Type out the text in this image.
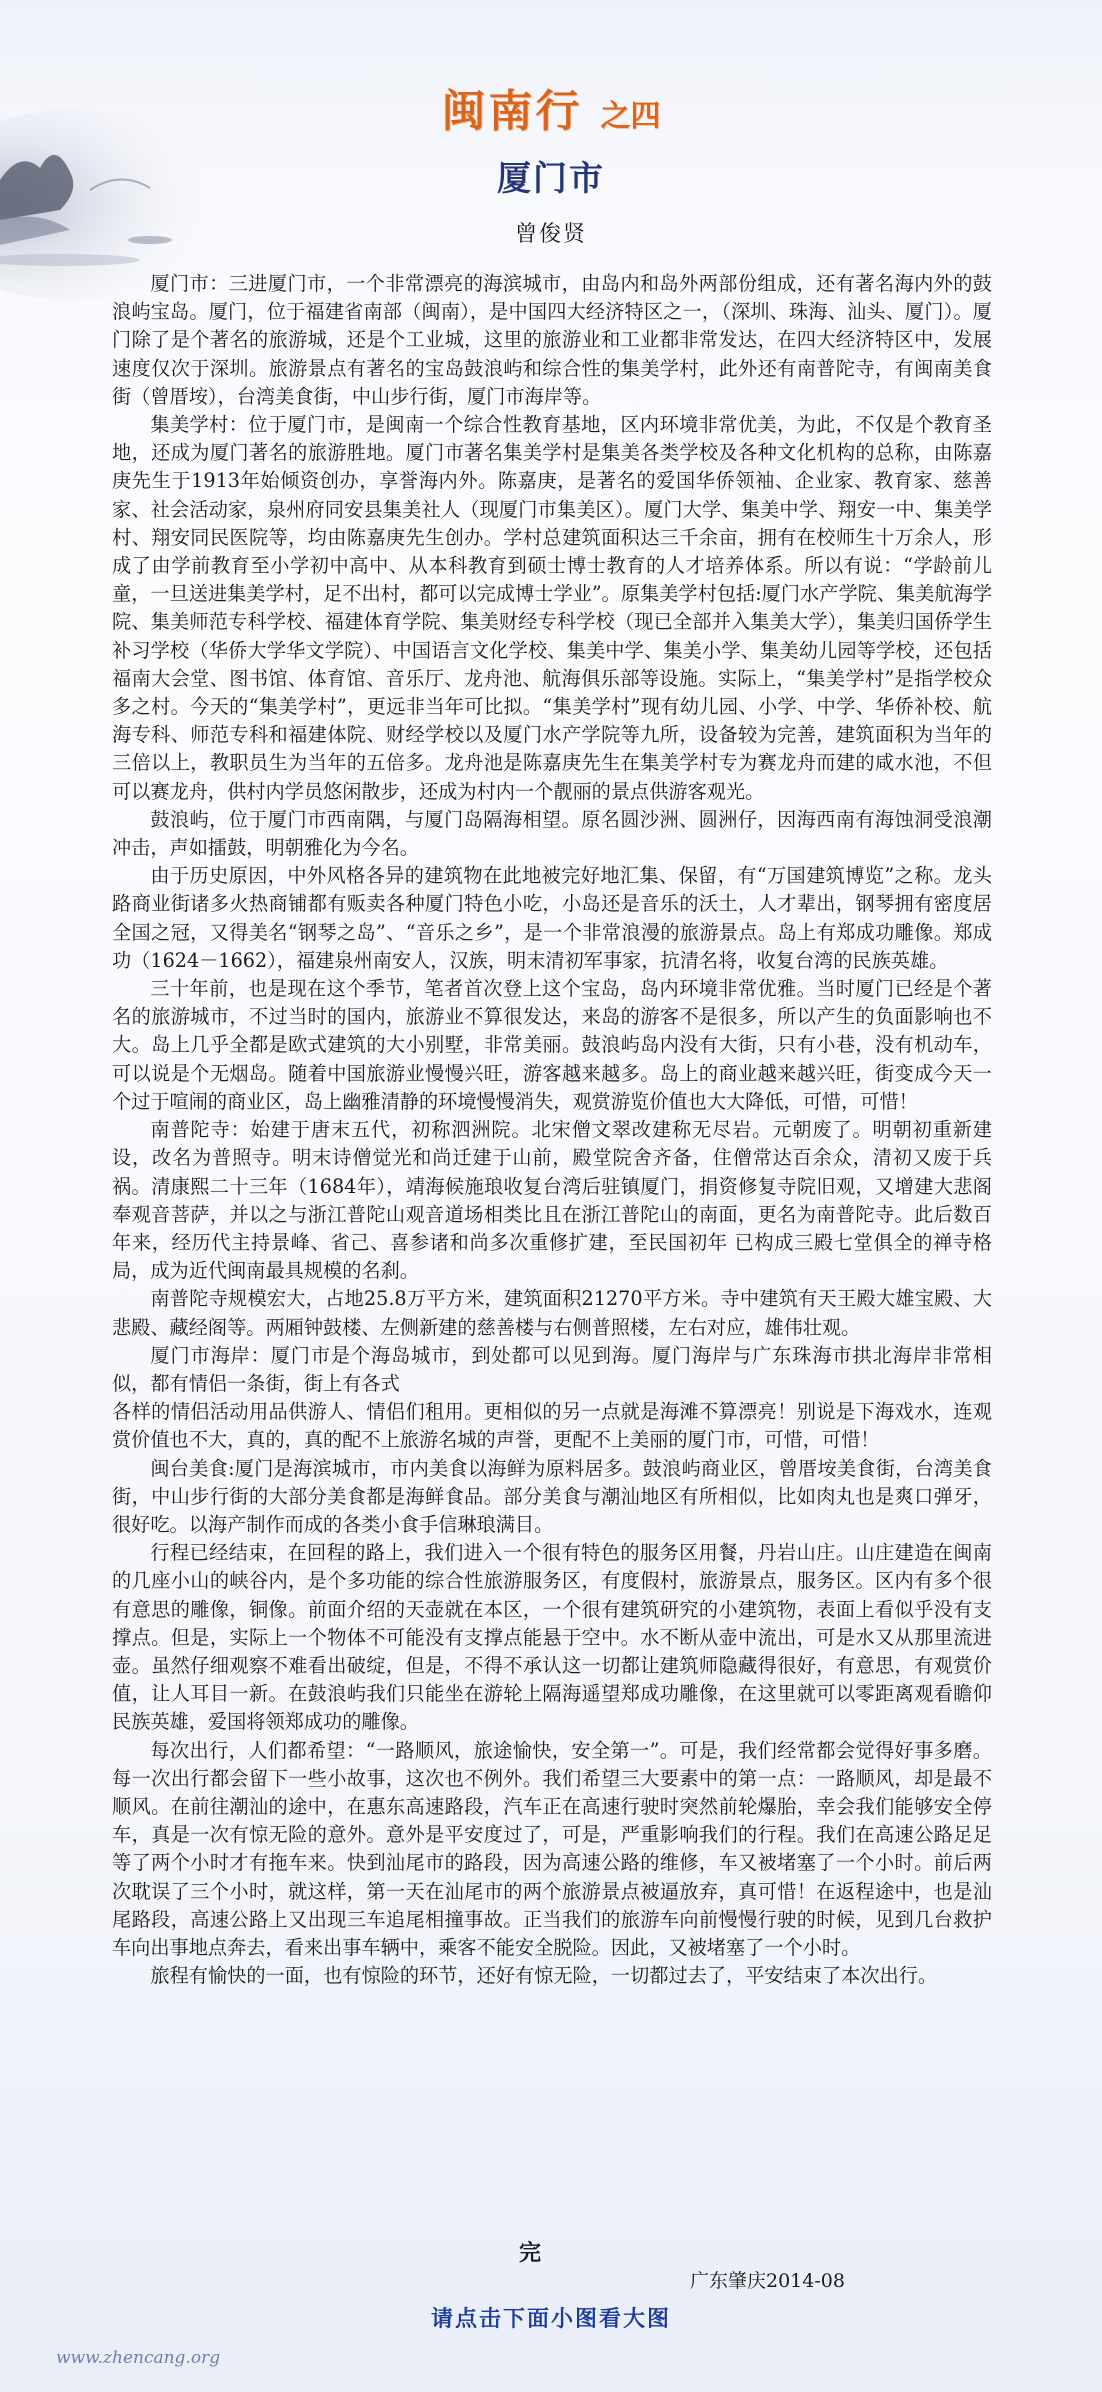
闽南行 之四
厦门市
曾俊贤

厦门市：三进厦门市，一个非常漂亮的海滨城市，由岛内和岛外两部份组成，还有著名海内外的鼓浪屿宝岛。厦门，位于福建省南部（闽南），是中国四大经济特区之一，（深圳、珠海、汕头、厦门）。厦门除了是个著名的旅游城，还是个工业城，这里的旅游业和工业都非常发达，在四大经济特区中，发展速度仅次于深圳。旅游景点有著名的宝岛鼓浪屿和综合性的集美学村，此外还有南普陀寺，有闽南美食街（曾厝垵），台湾美食街，中山步行街，厦门市海岸等。

集美学村：位于厦门市，是闽南一个综合性教育基地，区内环境非常优美，为此，不仅是个教育圣地，还成为厦门著名的旅游胜地。厦门市著名集美学村是集美各类学校及各种文化机构的总称，由陈嘉庚先生于1913年始倾资创办，享誉海内外。陈嘉庚，是著名的爱国华侨领袖、企业家、教育家、慈善家、社会活动家，泉州府同安县集美社人（现厦门市集美区）。厦门大学、集美中学、翔安一中、集美学村、翔安同民医院等，均由陈嘉庚先生创办。学村总建筑面积达三千余亩，拥有在校师生十万余人，形成了由学前教育至小学初中高中、从本科教育到硕士博士教育的人才培养体系。所以有说：“学龄前儿童，一旦送进集美学村，足不出村，都可以完成博士学业”。原集美学村包括:厦门水产学院、集美航海学院、集美师范专科学校、福建体育学院、集美财经专科学校（现已全部并入集美大学），集美归国侨学生补习学校（华侨大学华文学院）、中国语言文化学校、集美中学、集美小学、集美幼儿园等学校，还包括福南大会堂、图书馆、体育馆、音乐厅、龙舟池、航海俱乐部等设施。实际上，“集美学村”是指学校众多之村。今天的“集美学村”，更远非当年可比拟。“集美学村”现有幼儿园、小学、中学、华侨补校、航海专科、师范专科和福建体院、财经学校以及厦门水产学院等九所，设备较为完善，建筑面积为当年的三倍以上，教职员生为当年的五倍多。龙舟池是陈嘉庚先生在集美学村专为赛龙舟而建的咸水池，不但可以赛龙舟，供村内学员悠闲散步，还成为村内一个靓丽的景点供游客观光。

鼓浪屿，位于厦门市西南隅，与厦门岛隔海相望。原名圆沙洲、圆洲仔，因海西南有海蚀洞受浪潮冲击，声如擂鼓，明朝雅化为今名。

由于历史原因，中外风格各异的建筑物在此地被完好地汇集、保留，有“万国建筑博览”之称。龙头路商业街诸多火热商铺都有贩卖各种厦门特色小吃，小岛还是音乐的沃土，人才辈出，钢琴拥有密度居全国之冠，又得美名“钢琴之岛”、“音乐之乡”，是一个非常浪漫的旅游景点。岛上有郑成功雕像。郑成功（1624－1662），福建泉州南安人，汉族，明末清初军事家，抗清名将，收复台湾的民族英雄。

三十年前，也是现在这个季节，笔者首次登上这个宝岛，岛内环境非常优雅。当时厦门已经是个著名的旅游城市，不过当时的国内，旅游业不算很发达，来岛的游客不是很多，所以产生的负面影响也不大。岛上几乎全都是欧式建筑的大小别墅，非常美丽。鼓浪屿岛内没有大街，只有小巷，没有机动车，可以说是个无烟岛。随着中国旅游业慢慢兴旺，游客越来越多。岛上的商业越来越兴旺，街变成今天一个过于喧闹的商业区，岛上幽雅清静的环境慢慢消失，观赏游览价值也大大降低，可惜，可惜！

南普陀寺：始建于唐末五代，初称泗洲院。北宋僧文翠改建称无尽岩。元朝废了。明朝初重新建设，改名为普照寺。明末诗僧觉光和尚迁建于山前，殿堂院舍齐备，住僧常达百余众，清初又废于兵祸。清康熙二十三年（1684年），靖海候施琅收复台湾后驻镇厦门，捐资修复寺院旧观，又增建大悲阁奉观音菩萨，并以之与浙江普陀山观音道场相类比且在浙江普陀山的南面，更名为南普陀寺。此后数百年来，经历代主持景峰、省己、喜参诸和尚多次重修扩建，至民国初年 已构成三殿七堂俱全的禅寺格局，成为近代闽南最具规模的名刹。

南普陀寺规模宏大，占地25.8万平方米，建筑面积21270平方米。寺中建筑有天王殿大雄宝殿、大悲殿、藏经阁等。两厢钟鼓楼、左侧新建的慈善楼与右侧普照楼，左右对应，雄伟壮观。

厦门市海岸：厦门市是个海岛城市，到处都可以见到海。厦门海岸与广东珠海市拱北海岸非常相似，都有情侣一条街，街上有各式

各样的情侣活动用品供游人、情侣们租用。更相似的另一点就是海滩不算漂亮！别说是下海戏水，连观赏价值也不大，真的，真的配不上旅游名城的声誉，更配不上美丽的厦门市，可惜，可惜！

闽台美食:厦门是海滨城市，市内美食以海鲜为原料居多。鼓浪屿商业区，曾厝垵美食街，台湾美食街，中山步行街的大部分美食都是海鲜食品。部分美食与潮汕地区有所相似，比如肉丸也是爽口弹牙，很好吃。以海产制作而成的各类小食手信琳琅满目。

行程已经结束，在回程的路上，我们进入一个很有特色的服务区用餐，丹岩山庄。山庄建造在闽南的几座小山的峡谷内，是个多功能的综合性旅游服务区，有度假村，旅游景点，服务区。区内有多个很有意思的雕像，铜像。前面介绍的天壶就在本区，一个很有建筑研究的小建筑物，表面上看似乎没有支撑点。但是，实际上一个物体不可能没有支撑点能悬于空中。水不断从壶中流出，可是水又从那里流进壶。虽然仔细观察不难看出破绽，但是，不得不承认这一切都让建筑师隐藏得很好，有意思，有观赏价值，让人耳目一新。在鼓浪屿我们只能坐在游轮上隔海遥望郑成功雕像，在这里就可以零距离观看瞻仰民族英雄，爱国将领郑成功的雕像。

每次出行，人们都希望：“一路顺风，旅途愉快，安全第一”。可是，我们经常都会觉得好事多磨。每一次出行都会留下一些小故事，这次也不例外。我们希望三大要素中的第一点：一路顺风，却是最不顺风。在前往潮汕的途中，在惠东高速路段，汽车正在高速行驶时突然前轮爆胎，幸会我们能够安全停车，真是一次有惊无险的意外。意外是平安度过了，可是，严重影响我们的行程。我们在高速公路足足等了两个小时才有拖车来。快到汕尾市的路段，因为高速公路的维修，车又被堵塞了一个小时。前后两次耽误了三个小时，就这样，第一天在汕尾市的两个旅游景点被逼放弃，真可惜！在返程途中，也是汕尾路段，高速公路上又出现三车追尾相撞事故。正当我们的旅游车向前慢慢行驶的时候，见到几台救护车向出事地点奔去，看来出事车辆中，乘客不能安全脱险。因此，又被堵塞了一个小时。

旅程有愉快的一面，也有惊险的环节，还好有惊无险，一切都过去了，平安结束了本次出行。

完
广东肇庆2014-08
请点击下面小图看大图
www.zhencang.org
